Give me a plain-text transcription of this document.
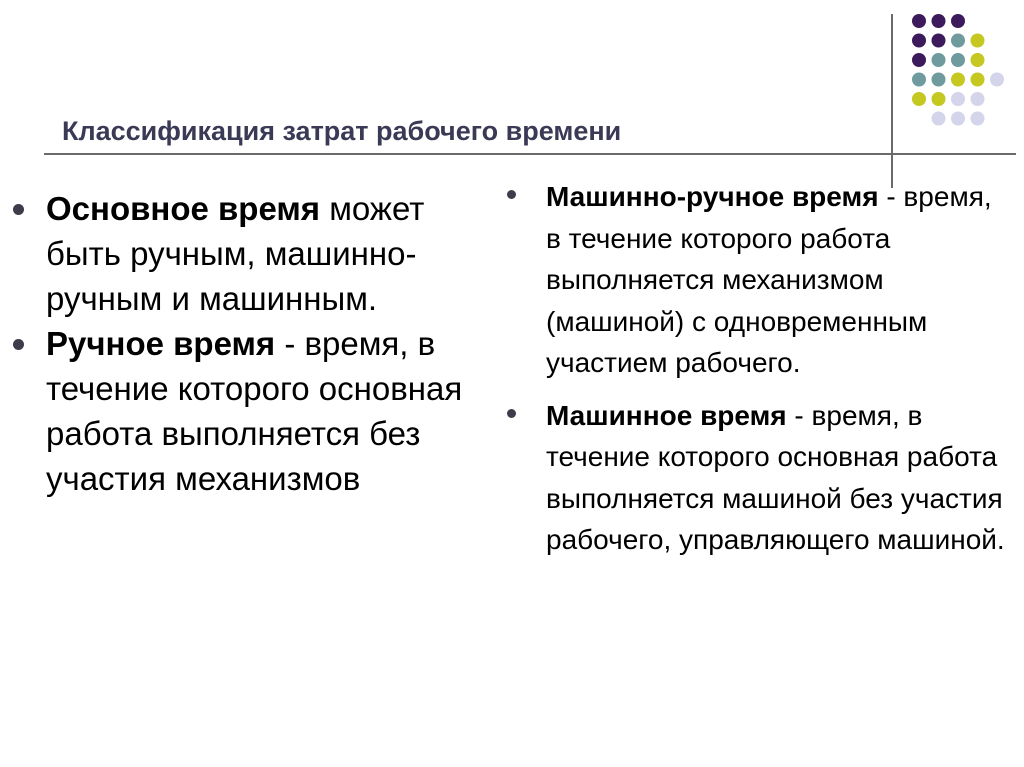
Классификация затрат рабочего времени
Основное время может быть ручным, машинно-ручным и машинным.
Ручное время - время, в течение которого основная работа выполняется без участия механизмов
Машинно-ручное время - время, в течение которого работа выполняется механизмом (машиной) с одновременным участием рабочего.
Машинное время - время, в течение которого основная работа выполняется машиной без участия рабочего, управляющего машиной.
